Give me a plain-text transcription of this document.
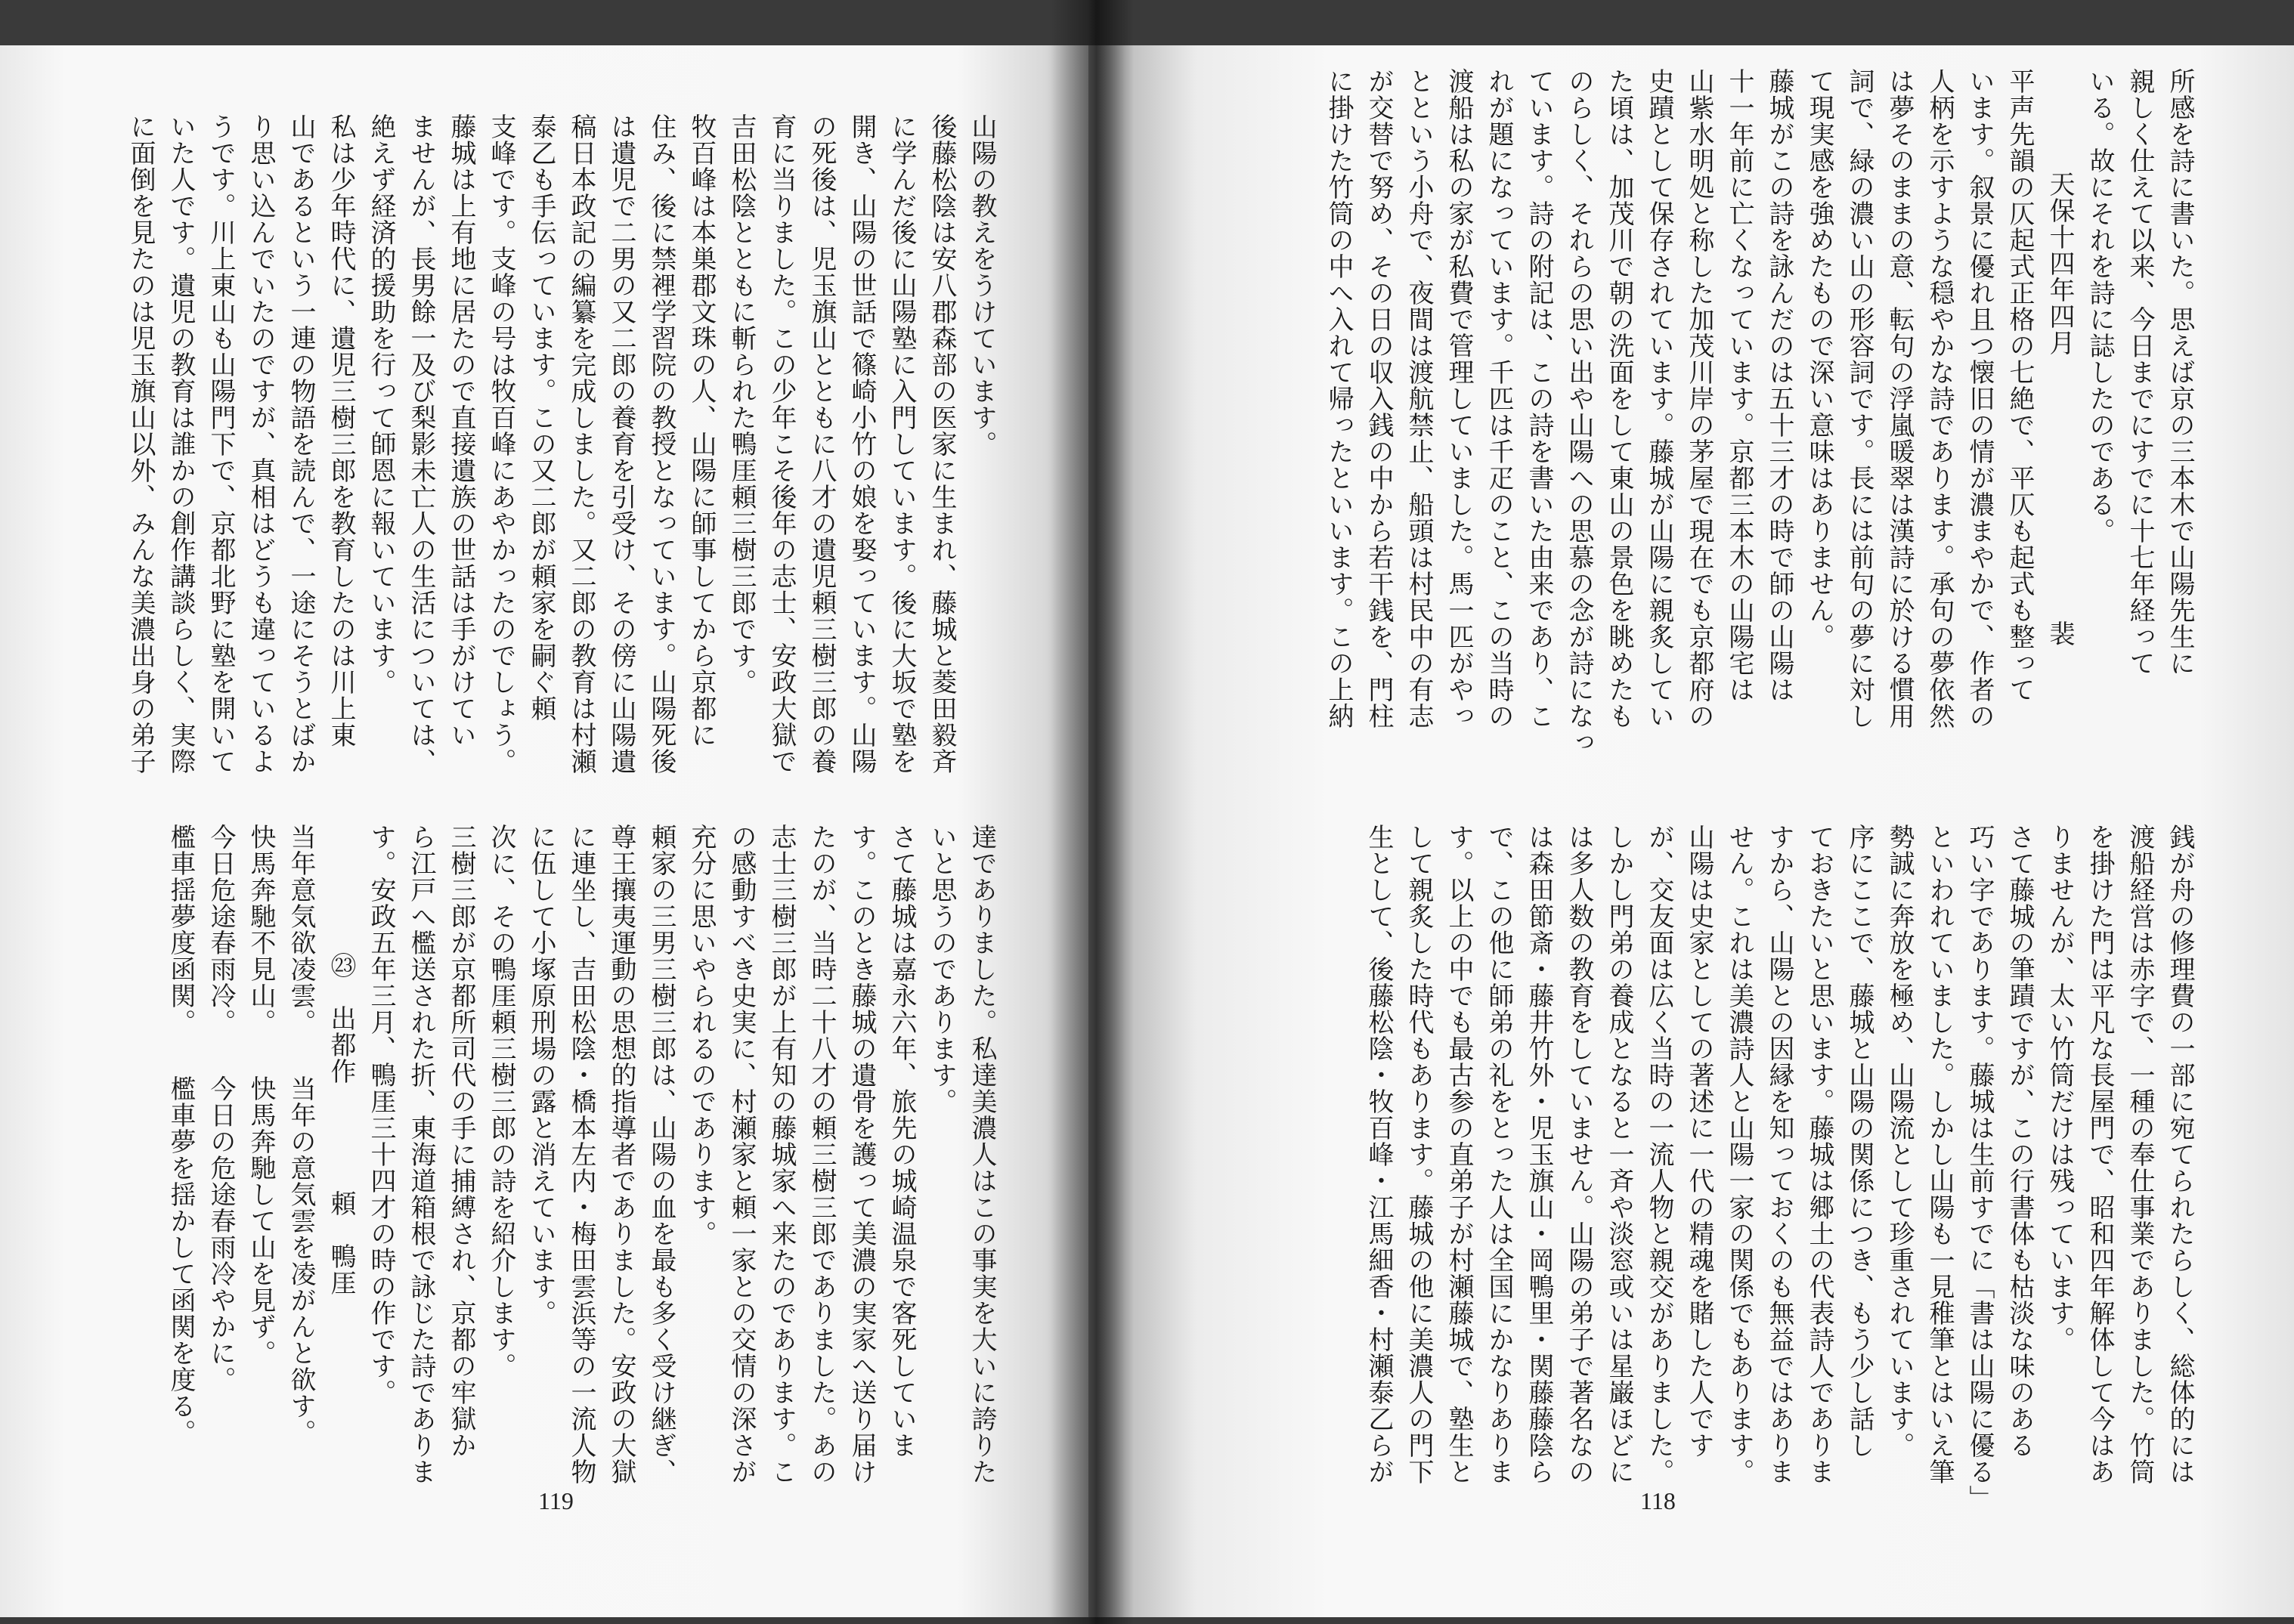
山陽の教えをうけています。
後藤松陰は安八郡森部の医家に生まれ、藤城と菱田毅斉
に学んだ後に山陽塾に入門しています。後に大坂で塾を
開き、山陽の世話で篠崎小竹の娘を娶っています。山陽
の死後は、児玉旗山とともに八才の遺児頼三樹三郎の養
育に当りました。この少年こそ後年の志士、安政大獄で
吉田松陰とともに斬られた鴨厓頼三樹三郎です。
牧百峰は本巣郡文珠の人、山陽に師事してから京都に
住み、後に禁裡学習院の教授となっています。山陽死後
は遺児で二男の又二郎の養育を引受け、その傍に山陽遺
稿日本政記の編纂を完成しました。又二郎の教育は村瀬
泰乙も手伝っています。この又二郎が頼家を嗣ぐ頼
支峰です。支峰の号は牧百峰にあやかったのでしょう。
藤城は上有地に居たので直接遺族の世話は手がけてい
ませんが、長男餘一及び梨影未亡人の生活については、
絶えず経済的援助を行って師恩に報いています。
私は少年時代に、遺児三樹三郎を教育したのは川上東
山であるという一連の物語を読んで、一途にそうとばか
り思い込んでいたのですが、真相はどうも違っているよ
うです。川上東山も山陽門下で、京都北野に塾を開いて
いた人です。遺児の教育は誰かの創作講談らしく、実際
に面倒を見たのは児玉旗山以外、みんな美濃出身の弟子
達でありました。私達美濃人はこの事実を大いに誇りた
いと思うのであります。
さて藤城は嘉永六年、旅先の城崎温泉で客死していま
す。このとき藤城の遺骨を護って美濃の実家へ送り届け
たのが、当時二十八才の頼三樹三郎でありました。あの
志士三樹三郎が上有知の藤城家へ来たのであります。こ
の感動すべき史実に、村瀬家と頼一家との交情の深さが
充分に思いやられるのであります。
頼家の三男三樹三郎は、山陽の血を最も多く受け継ぎ、
尊王攘夷運動の思想的指導者でありました。安政の大獄
に連坐し、吉田松陰・橋本左内・梅田雲浜等の一流人物
に伍して小塚原刑場の露と消えています。
次に、その鴨厓頼三樹三郎の詩を紹介します。
三樹三郎が京都所司代の手に捕縛され、京都の牢獄か
ら江戸へ檻送された折、東海道箱根で詠じた詩でありま
す。安政五年三月、鴨厓三十四才の時の作です。
㉓　出都作　　　　頼　鴨厓
当年意気欲凌雲。　　当年の意気雲を凌がんと欲す。
快馬奔馳不見山。　　快馬奔馳して山を見ず。
今日危途春雨冷。　　今日の危途春雨冷やかに。
檻車揺夢度函関。　　檻車夢を揺かして函関を度る。
119
所感を詩に書いた。思えば京の三本木で山陽先生に
親しく仕えて以来、今日までにすでに十七年経って
いる。故にそれを詩に誌したのである。
天保十四年四月　　　　　　　　　　裴
平声先韻の仄起式正格の七絶で、平仄も起式も整って
います。叙景に優れ且つ懐旧の情が濃まやかで、作者の
人柄を示すような穏やかな詩であります。承句の夢依然
は夢そのままの意、転句の浮嵐暖翠は漢詩に於ける慣用
詞で、緑の濃い山の形容詞です。長には前句の夢に対し
て現実感を強めたもので深い意味はありません。
藤城がこの詩を詠んだのは五十三才の時で師の山陽は
十一年前に亡くなっています。京都三本木の山陽宅は
山紫水明処と称した加茂川岸の茅屋で現在でも京都府の
史蹟として保存されています。藤城が山陽に親炙してい
た頃は、加茂川で朝の洗面をして東山の景色を眺めたも
のらしく、それらの思い出や山陽への思慕の念が詩になっ
ています。詩の附記は、この詩を書いた由来であり、こ
れが題になっています。千匹は千疋のこと、この当時の
渡船は私の家が私費で管理していました。馬一匹がやっ
とという小舟で、夜間は渡航禁止、船頭は村民中の有志
が交替で努め、その日の収入銭の中から若干銭を、門柱
に掛けた竹筒の中へ入れて帰ったといいます。この上納
銭が舟の修理費の一部に宛てられたらしく、総体的には
渡船経営は赤字で、一種の奉仕事業でありました。竹筒
を掛けた門は平凡な長屋門で、昭和四年解体して今はあ
りませんが、太い竹筒だけは残っています。
さて藤城の筆蹟ですが、この行書体も枯淡な味のある
巧い字であります。藤城は生前すでに「書は山陽に優る」
といわれていました。しかし山陽も一見稚筆とはいえ筆
勢誠に奔放を極め、山陽流として珍重されています。
序にここで、藤城と山陽の関係につき、もう少し話し
ておきたいと思います。藤城は郷土の代表詩人でありま
すから、山陽との因縁を知っておくのも無益ではありま
せん。これは美濃詩人と山陽一家の関係でもあります。
山陽は史家としての著述に一代の精魂を賭した人です
が、交友面は広く当時の一流人物と親交がありました。
しかし門弟の養成となると一斉や淡窓或いは星巌ほどに
は多人数の教育をしていません。山陽の弟子で著名なの
は森田節斎・藤井竹外・児玉旗山・岡鴨里・関藤藤陰ら
で、この他に師弟の礼をとった人は全国にかなりありま
す。以上の中でも最古参の直弟子が村瀬藤城で、塾生と
して親炙した時代もあります。藤城の他に美濃人の門下
生として、後藤松陰・牧百峰・江馬細香・村瀬泰乙らが
118
